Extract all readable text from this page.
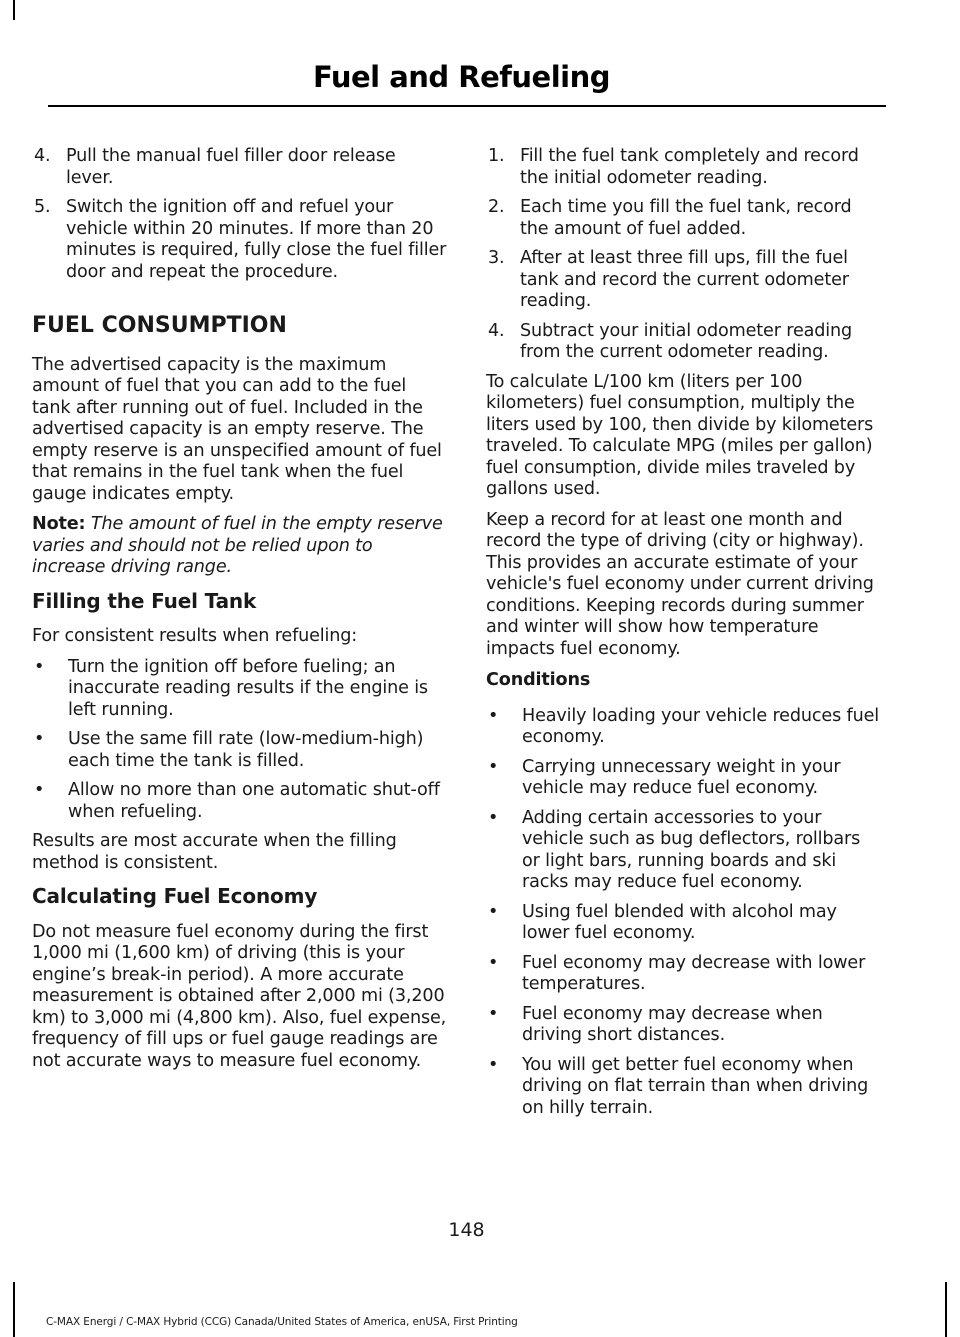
Fuel and Refueling
4. Pull the manual fuel filler door release lever.
5. Switch the ignition off and refuel your vehicle within 20 minutes. If more than 20 minutes is required, fully close the fuel filler door and repeat the procedure.
FUEL CONSUMPTION

The advertised capacity is the maximum amount of fuel that you can add to the fuel tank after running out of fuel. Included in the advertised capacity is an empty reserve. The empty reserve is an unspecified amount of fuel that remains in the fuel tank when the fuel gauge indicates empty.

Note: The amount of fuel in the empty reserve varies and should not be relied upon to increase driving range.

Filling the Fuel Tank

For consistent results when refueling:

•	Turn the ignition off before fueling; an inaccurate reading results if the engine is left running.
•	Use the same fill rate (low-medium-high) each time the tank is filled.
•	Allow no more than one automatic shut-off when refueling.

Results are most accurate when the filling method is consistent.

Calculating Fuel Economy

Do not measure fuel economy during the first 1,000 mi (1,600 km) of driving (this is your engine’s break-in period). A more accurate measurement is obtained after 2,000 mi (3,200 km) to 3,000 mi (4,800 km). Also, fuel expense, frequency of fill ups or fuel gauge readings are not accurate ways to measure fuel economy.

1. Fill the fuel tank completely and record the initial odometer reading.
2. Each time you fill the fuel tank, record the amount of fuel added.
3. After at least three fill ups, fill the fuel tank and record the current odometer reading.
4. Subtract your initial odometer reading from the current odometer reading.

To calculate L/100 km (liters per 100 kilometers) fuel consumption, multiply the liters used by 100, then divide by kilometers traveled. To calculate MPG (miles per gallon) fuel consumption, divide miles traveled by gallons used.

Keep a record for at least one month and record the type of driving (city or highway). This provides an accurate estimate of your vehicle's fuel economy under current driving conditions. Keeping records during summer and winter will show how temperature impacts fuel economy.

Conditions
•	Heavily loading your vehicle reduces fuel economy.
•	Carrying unnecessary weight in your vehicle may reduce fuel economy.
•	Adding certain accessories to your vehicle such as bug deflectors, rollbars or light bars, running boards and ski racks may reduce fuel economy.
•	Using fuel blended with alcohol may lower fuel economy.
•	Fuel economy may decrease with lower temperatures.
•	Fuel economy may decrease when driving short distances.
•	You will get better fuel economy when driving on flat terrain than when driving on hilly terrain.
148
C-MAX Energi / C-MAX Hybrid (CCG) Canada/United States of America, enUSA, First Printing
